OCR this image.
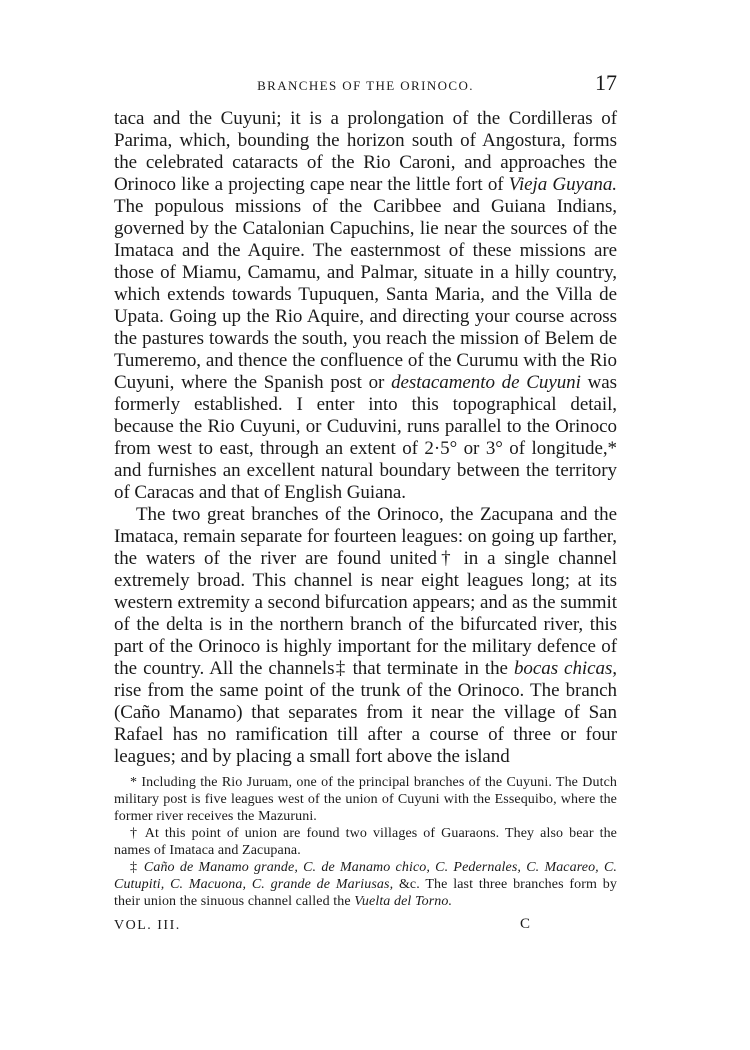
BRANCHES OF THE ORINOCO.	17

taca and the Cuyuni; it is a prolongation of the Cordilleras of Parima, which, bounding the horizon south of Angostura, forms the celebrated cataracts of the Rio Caroni, and approaches the Orinoco like a projecting cape near the little fort of Vieja Guyana. The populous missions of the Caribbee and Guiana Indians, governed by the Catalonian Capuchins, lie near the sources of the Imataca and the Aquire. The easternmost of these missions are those of Miamu, Camamu, and Palmar, situate in a hilly country, which extends towards Tupuquen, Santa Maria, and the Villa de Upata. Going up the Rio Aquire, and directing your course across the pastures towards the south, you reach the mission of Belem de Tumeremo, and thence the confluence of the Curumu with the Rio Cuyuni, where the Spanish post or destacamento de Cuyuni was formerly established. I enter into this topographical detail, because the Rio Cuyuni, or Cuduvini, runs parallel to the Orinoco from west to east, through an extent of 2·5° or 3° of longitude,* and furnishes an excellent natural boundary between the territory of Caracas and that of English Guiana.

The two great branches of the Orinoco, the Zacupana and the Imataca, remain separate for fourteen leagues: on going up farther, the waters of the river are found united† in a single channel extremely broad. This channel is near eight leagues long; at its western extremity a second bifurcation appears; and as the summit of the delta is in the northern branch of the bifurcated river, this part of the Orinoco is highly important for the military defence of the country. All the channels‡ that terminate in the bocas chicas, rise from the same point of the trunk of the Orinoco. The branch (Caño Manamo) that separates from it near the village of San Rafael has no ramification till after a course of three or four leagues; and by placing a small fort above the island

* Including the Rio Juruam, one of the principal branches of the Cuyuni. The Dutch military post is five leagues west of the union of Cuyuni with the Essequibo, where the former river receives the Mazuruni.

† At this point of union are found two villages of Guaraons. They also bear the names of Imataca and Zacupana.

‡ Caño de Manamo grande, C. de Manamo chico, C. Pedernales, C. Macareo, C. Cutupiti, C. Macuona, C. grande de Mariusas, &c. The last three branches form by their union the sinuous channel called the Vuelta del Torno.

VOL. III.	C
